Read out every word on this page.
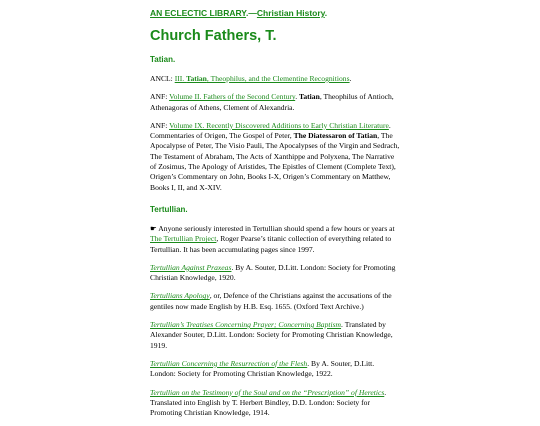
AN ECLECTIC LIBRARY.—Christian History.
Church Fathers, T.
Tatian.

ANCL: III. Tatian, Theophilus, and the Clementine Recognitions.

ANF: Volume II. Fathers of the Second Century. Tatian, Theophilus of Antioch, Athenagoras of Athens, Clement of Alexandria.

ANF: Volume IX. Recently Discovered Additions to Early Christian Literature. Commentaries of Origen, The Gospel of Peter, The Diatessaron of Tatian, The Apocalypse of Peter, The Visio Pauli, The Apocalypses of the Virgin and Sedrach, The Testament of Abraham, The Acts of Xanthippe and Polyxena, The Narrative of Zosimus, The Apology of Aristides, The Epistles of Clement (Complete Text), Origen’s Commentary on John, Books I-X, Origen’s Commentary on Matthew, Books I, II, and X-XIV.

Tertullian.

☛ Anyone seriously interested in Tertullian should spend a few hours or years at The Tertullian Project, Roger Pearse’s titanic collection of everything related to Tertullian. It has been accumulating pages since 1997.

Tertullian Against Praxeas. By A. Souter, D.Litt. London: Society for Promoting Christian Knowledge, 1920.

Tertullians Apology, or, Defence of the Christians against the accusations of the gentiles now made English by H.B. Esq. 1655. (Oxford Text Archive.)

Tertullian’s Treatises Concerning Prayer; Concerning Baptism. Translated by Alexander Souter, D.Litt. London: Society for Promoting Christian Knowledge, 1919.

Tertullian Concerning the Resurrection of the Flesh. By A. Souter, D.Litt. London: Society for Promoting Christian Knowledge, 1922.

Tertullian on the Testimony of the Soul and on the “Prescription” of Heretics. Translated into English by T. Herbert Bindley, D.D. London: Society for Promoting Christian Knowledge, 1914.
